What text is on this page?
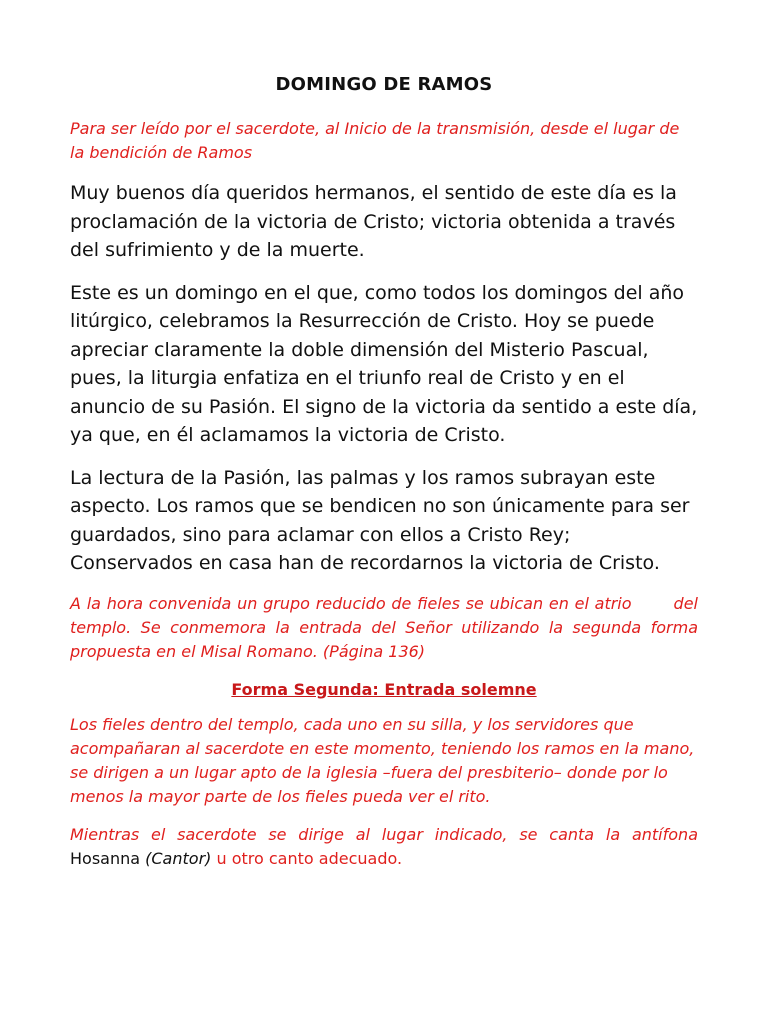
DOMINGO DE RAMOS

Para ser leído por el sacerdote, al Inicio de la transmisión, desde el lugar de la bendición de Ramos

Muy buenos día queridos hermanos, el sentido de este día es la proclamación de la victoria de Cristo; victoria obtenida a través del sufrimiento y de la muerte.

Este es un domingo en el que, como todos los domingos del año litúrgico, celebramos la Resurrección de Cristo. Hoy se puede apreciar claramente la doble dimensión del Misterio Pascual, pues, la liturgia enfatiza en el triunfo real de Cristo y en el anuncio de su Pasión. El signo de la victoria da sentido a este día, ya que, en él aclamamos la victoria de Cristo.

La lectura de la Pasión, las palmas y los ramos subrayan este aspecto. Los ramos que se bendicen no son únicamente para ser guardados, sino para aclamar con ellos a Cristo Rey; Conservados en casa han de recordarnos la victoria de Cristo.

A la hora convenida un grupo reducido de fieles se ubican en el atrio	del templo. Se conmemora la entrada del Señor utilizando la segunda forma propuesta en el Misal Romano. (Página 136)

Forma Segunda: Entrada solemne

Los fieles dentro del templo, cada uno en su silla, y los servidores que acompañaran al sacerdote en este momento, teniendo los ramos en la mano, se dirigen a un lugar apto de la iglesia –fuera del presbiterio– donde por lo menos la mayor parte de los fieles pueda ver el rito.

Mientras el sacerdote se dirige al lugar indicado, se canta la antífona Hosanna (Cantor) u otro canto adecuado.
